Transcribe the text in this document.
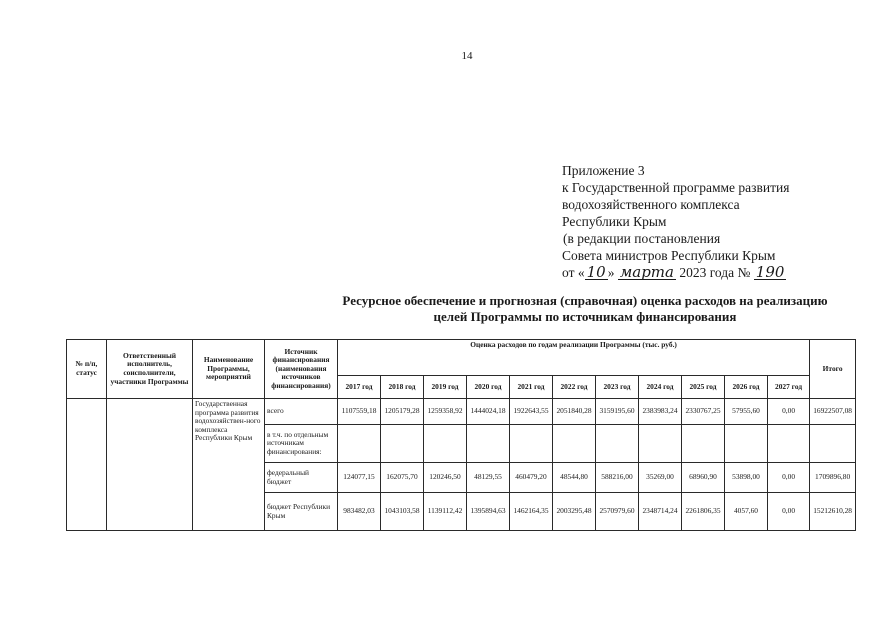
14
Приложение 3
к Государственной программе развития
водохозяйственного комплекса
Республики Крым
(в редакции постановления
Совета министров Республики Крым
от « 10 » марта 2023 года № 190
Ресурсное обеспечение и прогнозная (справочная) оценка расходов на реализацию
целей Программы по источникам финансирования
№ п/п, статус	Ответственный исполнитель, соисполнители, участники Программы	Наименование Программы, мероприятий	Источник финансирования (наименования источников финансирования)	Оценка расходов по годам реализации Программы (тыс. руб.)											Итого
				2017 год	2018 год	2019 год	2020 год	2021 год	2022 год	2023 год	2024 год	2025 год	2026 год	2027 год	
		Государственная программа развития водохозяйствен-ного комплекса Республики Крым	всего	1107559,18	1205179,28	1259358,92	1444024,18	1922643,55	2051840,28	3159195,60	2383983,24	2330767,25	57955,60	0,00	16922507,08
			в т.ч. по отдельным источникам финансирования:												
			федеральный бюджет	124077,15	162075,70	120246,50	48129,55	460479,20	48544,80	588216,00	35269,00	68960,90	53898,00	0,00	1709896,80
			бюджет Республики Крым	983482,03	1043103,58	1139112,42	1395894,63	1462164,35	2003295,48	2570979,60	2348714,24	2261806,35	4057,60	0,00	15212610,28
